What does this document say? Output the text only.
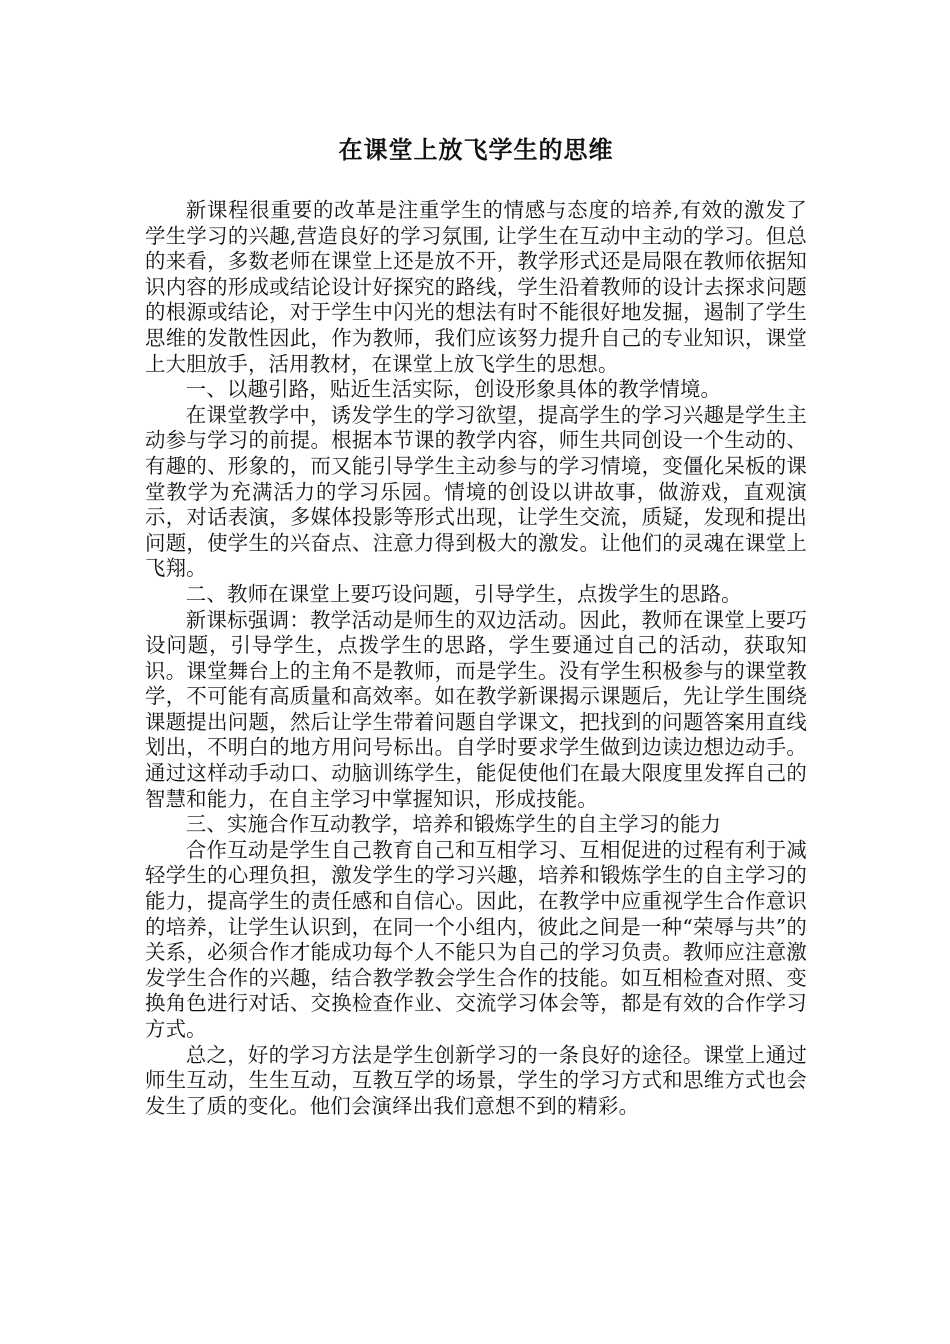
在课堂上放飞学生的思维

新课程很重要的改革是注重学生的情感与态度的培养,有效的激发了学生学习的兴趣,营造良好的学习氛围, 让学生在互动中主动的学习。但总的来看，多数老师在课堂上还是放不开，教学形式还是局限在教师依据知识内容的形成或结论设计好探究的路线，学生沿着教师的设计去探求问题的根源或结论，对于学生中闪光的想法有时不能很好地发掘，遏制了学生思维的发散性因此，作为教师，我们应该努力提升自己的专业知识，课堂上大胆放手，活用教材，在课堂上放飞学生的思想。

一、以趣引路，贴近生活实际，创设形象具体的教学情境。

在课堂教学中，诱发学生的学习欲望，提高学生的学习兴趣是学生主动参与学习的前提。根据本节课的教学内容，师生共同创设一个生动的、有趣的、形象的，而又能引导学生主动参与的学习情境，变僵化呆板的课堂教学为充满活力的学习乐园。情境的创设以讲故事，做游戏，直观演示，对话表演，多媒体投影等形式出现，让学生交流，质疑，发现和提出问题，使学生的兴奋点、注意力得到极大的激发。让他们的灵魂在课堂上飞翔。

二、教师在课堂上要巧设问题，引导学生，点拨学生的思路。

新课标强调：教学活动是师生的双边活动。因此，教师在课堂上要巧设问题，引导学生，点拨学生的思路，学生要通过自己的活动，获取知识。课堂舞台上的主角不是教师，而是学生。没有学生积极参与的课堂教学，不可能有高质量和高效率。如在教学新课揭示课题后，先让学生围绕课题提出问题，然后让学生带着问题自学课文，把找到的问题答案用直线划出，不明白的地方用问号标出。自学时要求学生做到边读边想边动手。通过这样动手动口、动脑训练学生，能促使他们在最大限度里发挥自己的智慧和能力，在自主学习中掌握知识，形成技能。

三、实施合作互动教学，培养和锻炼学生的自主学习的能力

合作互动是学生自己教育自己和互相学习、互相促进的过程有利于减轻学生的心理负担，激发学生的学习兴趣，培养和锻炼学生的自主学习的能力，提高学生的责任感和自信心。因此，在教学中应重视学生合作意识的培养，让学生认识到，在同一个小组内，彼此之间是一种“荣辱与共”的关系，必须合作才能成功每个人不能只为自己的学习负责。教师应注意激发学生合作的兴趣，结合教学教会学生合作的技能。如互相检查对照、变换角色进行对话、交换检查作业、交流学习体会等，都是有效的合作学习方式。

总之，好的学习方法是学生创新学习的一条良好的途径。课堂上通过师生互动，生生互动，互教互学的场景，学生的学习方式和思维方式也会发生了质的变化。他们会演绎出我们意想不到的精彩。
